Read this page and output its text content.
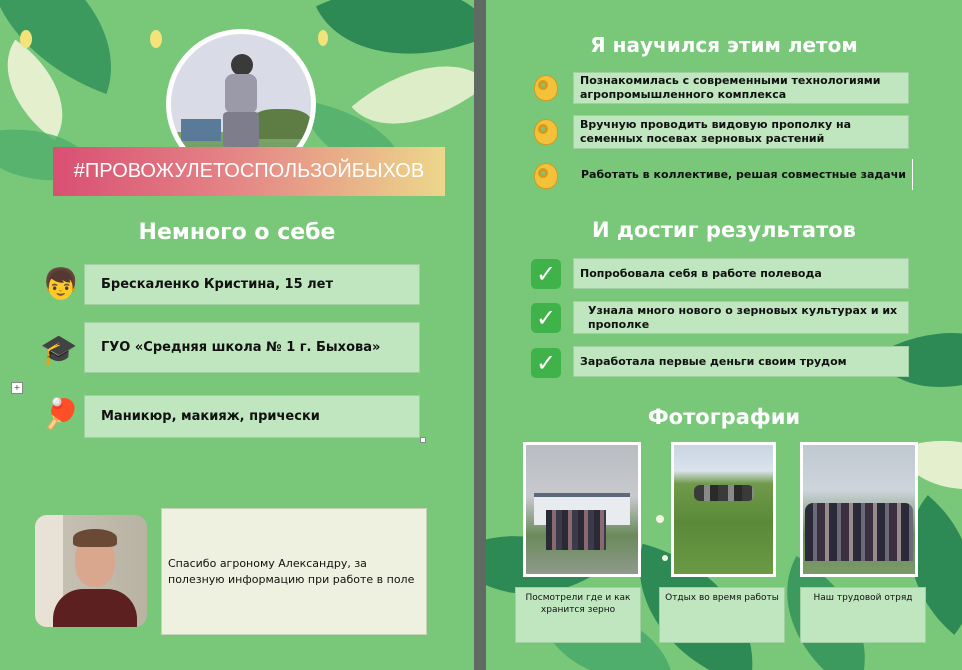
#ПРОВОЖУЛЕТОСПОЛЬЗОЙБЫХОВ
Немного о себе
👦 Брескаленко Кристина, 15 лет
🎓 ГУО «Средняя школа № 1 г. Быхова»
+
🏓 Маникюр, макияж, прически
Спасибо агроному Александру, за полезную информацию при работе в поле
Я научился этим летом
Познакомилась с современными технологиями агропромышленного комплекса
Вручную проводить видовую прополку на семенных посевах зерновых растений
Работать в коллективе, решая совместные задачи
И достиг результатов
✓	Попробовала себя в работе полевода
✓	Узнала много нового о зерновых культурах и их прополке
✓	Заработала первые деньги своим трудом
Фотографии
Посмотрели где и как хранится зерно
Отдых во время работы	Наш трудовой отряд
